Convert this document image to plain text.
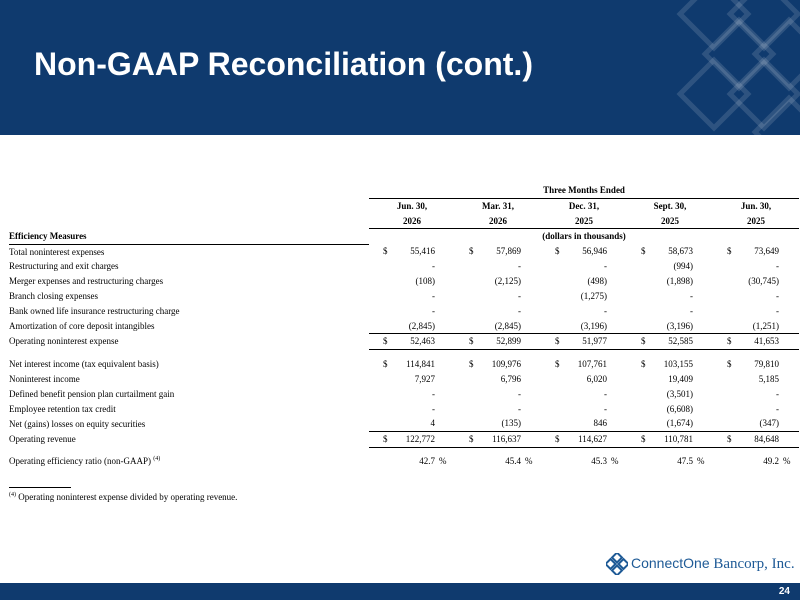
Non-GAAP Reconciliation (cont.)
	Three Months Ended														
	Jun. 30,			Mar. 31,			Dec. 31,			Sept. 30,			Jun. 30,		
	2026			2026			2025			2025			2025		
Efficiency Measures	(dollars in thousands)														
Total noninterest expenses	$	55,416		$	57,869		$	56,946		$	58,673		$	73,649	
Restructuring and exit charges		-			-			-			(994)			-	
Merger expenses and restructuring charges		(108)			(2,125)			(498)			(1,898)			(30,745)	
Branch closing expenses		-			-			(1,275)			-			-	
Bank owned life insurance restructuring charge		-			-			-			-			-	
Amortization of core deposit intangibles		(2,845)			(2,845)			(3,196)			(3,196)			(1,251)	
Operating noninterest expense	$	52,463		$	52,899		$	51,977		$	52,585		$	41,653	

Net interest income (tax equivalent basis)	$	114,841		$	109,976		$	107,761		$	103,155		$	79,810	
Noninterest income		7,927			6,796			6,020			19,409			5,185	
Defined benefit pension plan curtailment gain		-			-			-			(3,501)			-	
Employee retention tax credit		-			-			-			(6,608)			-	
Net (gains) losses on equity securities		4			(135)			846			(1,674)			(347)	
Operating revenue	$	122,772		$	116,637		$	114,627		$	110,781		$	84,648	

Operating efficiency ratio (non-GAAP) $^{(4)}$		42.7	%		45.4	%		45.3	%		47.5	%		49.2	%
$^{(4)}$ Operating noninterest expense divided by operating revenue.
ConnectOne Bancorp, Inc.
24
